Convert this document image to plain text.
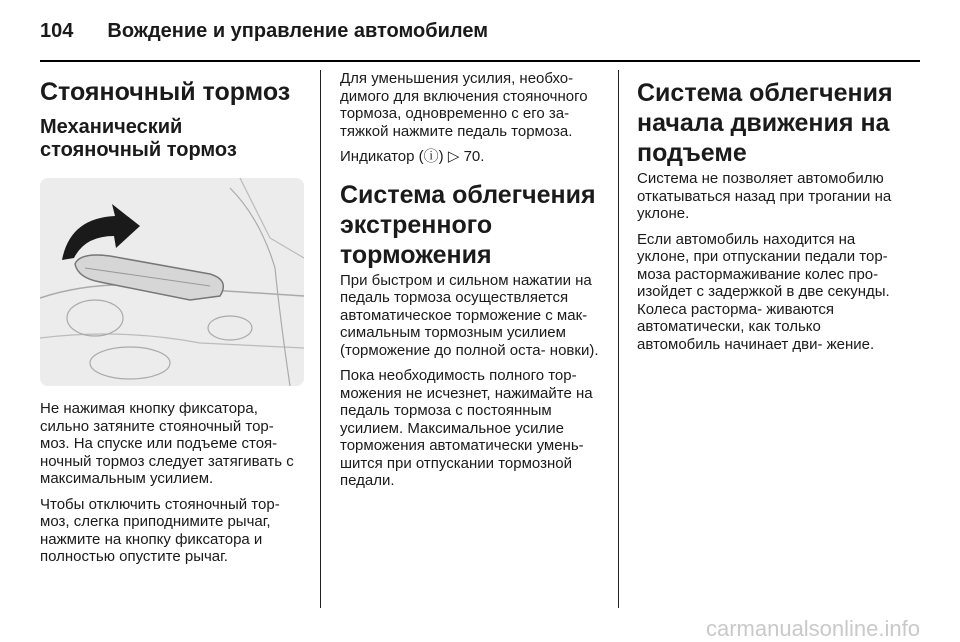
104 Вождение и управление автомобилем
Стояночный тормоз
Механический стояночный тормоз

Не нажимая кнопку фиксатора, сильно затяните стояночный тор- моз. На спуске или подъеме стоя- ночный тормоз следует затягивать с максимальным усилием.

Чтобы отключить стояночный тор- моз, слегка приподнимите рычаг, нажмите на кнопку фиксатора и полностью опустите рычаг.

Для уменьшения усилия, необхо- димого для включения стояночного тормоза, одновременно с его за- тяжкой нажмите педаль тормоза.

Индикатор (ⓘ) ▷ 70.

Система облегчения экстренного торможения

При быстром и сильном нажатии на педаль тормоза осуществляется автоматическое торможение с мак- симальным тормозным усилием (торможение до полной оста- новки).

Пока необходимость полного тор- можения не исчезнет, нажимайте на педаль тормоза с постоянным усилием. Максимальное усилие торможения автоматически умень- шится при отпускании тормозной педали.

Система облегчения начала движения на подъеме

Система не позволяет автомобилю откатываться назад при трогании на уклоне.

Если автомобиль находится на уклоне, при отпускании педали тор- моза растормаживание колес про- изойдет с задержкой в две секунды. Колеса расторма- живаются автоматически, как только автомобиль начинает дви- жение.

carmanualsonline.info
